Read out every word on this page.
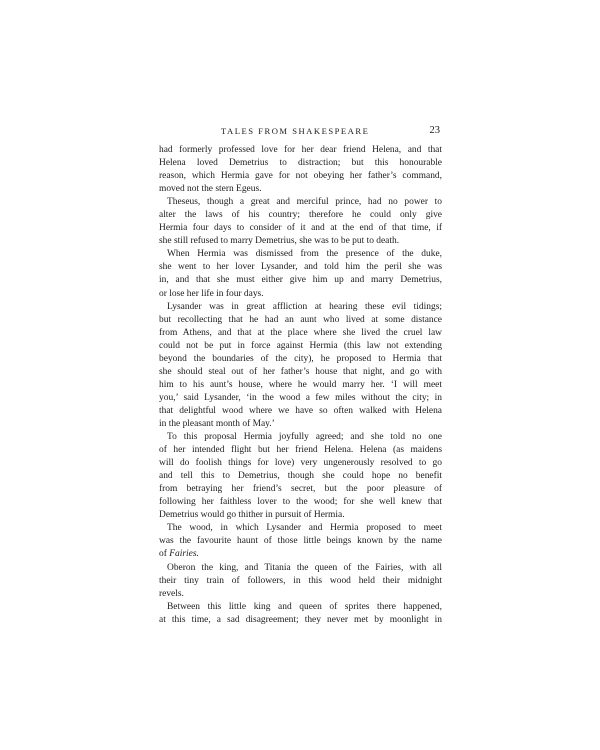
TALES FROM SHAKESPEARE	23
had formerly professed love for her dear friend Helena, and that
Helena loved Demetrius to distraction; but this honourable
reason, which Hermia gave for not obeying her father’s command,
moved not the stern Egeus.
Theseus, though a great and merciful prince, had no power to
alter the laws of his country; therefore he could only give
Hermia four days to consider of it and at the end of that time, if
she still refused to marry Demetrius, she was to be put to death.
When Hermia was dismissed from the presence of the duke,
she went to her lover Lysander, and told him the peril she was
in, and that she must either give him up and marry Demetrius,
or lose her life in four days.
Lysander was in great affliction at hearing these evil tidings;
but recollecting that he had an aunt who lived at some distance
from Athens, and that at the place where she lived the cruel law
could not be put in force against Hermia (this law not extending
beyond the boundaries of the city), he proposed to Hermia that
she should steal out of her father’s house that night, and go with
him to his aunt’s house, where he would marry her. ‘I will meet
you,’ said Lysander, ‘in the wood a few miles without the city; in
that delightful wood where we have so often walked with Helena
in the pleasant month of May.’
To this proposal Hermia joyfully agreed; and she told no one
of her intended flight but her friend Helena. Helena (as maidens
will do foolish things for love) very ungenerously resolved to go
and tell this to Demetrius, though she could hope no benefit
from betraying her friend’s secret, but the poor pleasure of
following her faithless lover to the wood; for she well knew that
Demetrius would go thither in pursuit of Hermia.
The wood, in which Lysander and Hermia proposed to meet
was the favourite haunt of those little beings known by the name
of Fairies.
Oberon the king, and Titania the queen of the Fairies, with all
their tiny train of followers, in this wood held their midnight
revels.
Between this little king and queen of sprites there happened,
at this time, a sad disagreement; they never met by moonlight in
